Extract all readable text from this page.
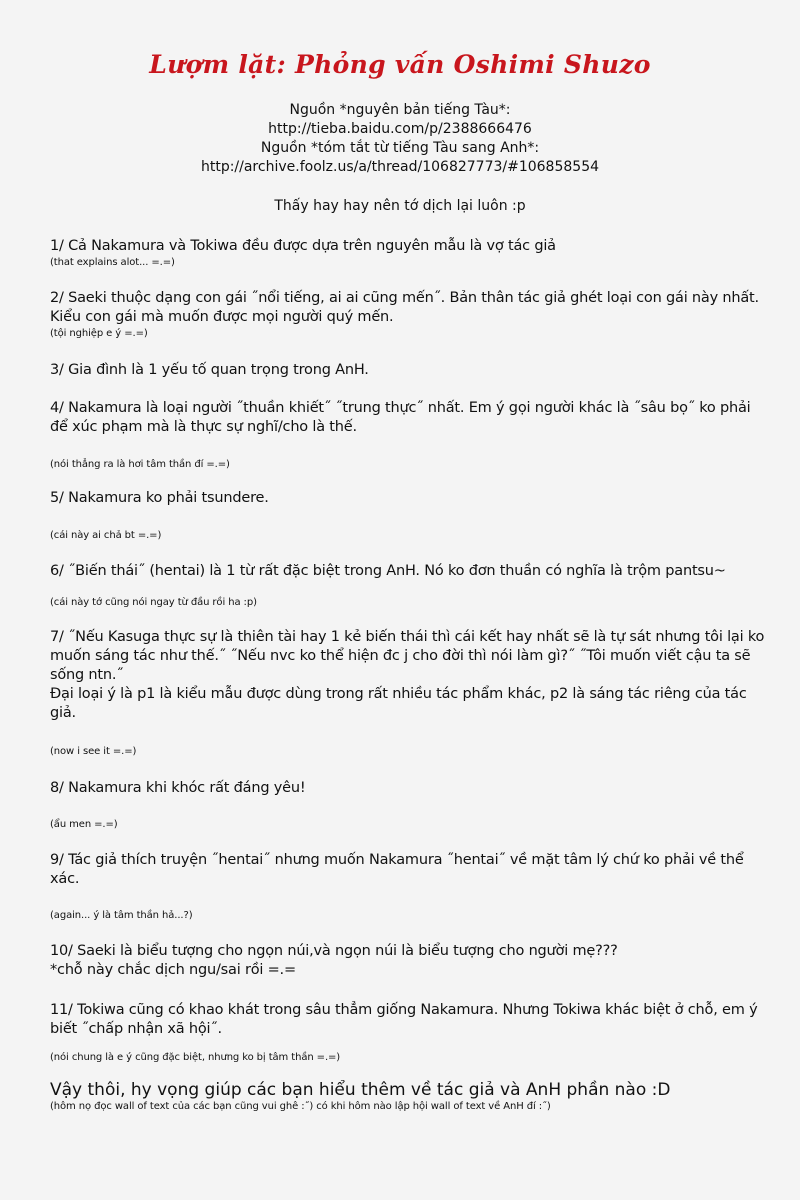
Lượm lặt: Phỏng vấn Oshimi Shuzo
Nguồn *nguyên bản tiếng Tàu*:
http://tieba.baidu.com/p/2388666476
Nguồn *tóm tắt từ tiếng Tàu sang Anh*:
http://archive.foolz.us/a/thread/106827773/#106858554
Thấy hay hay nên tớ dịch lại luôn :p
1/ Cả Nakamura và Tokiwa đều được dựa trên nguyên mẫu là vợ tác giả
(that explains alot... =.=)
2/ Saeki thuộc dạng con gái ˝nổi tiếng, ai ai cũng mến˝. Bản thân tác giả ghét loại con gái này nhất. Kiểu con gái mà muốn được mọi người quý mến.
(tội nghiệp e ý =.=)
3/ Gia đình là 1 yếu tố quan trọng trong AnH.
4/ Nakamura là loại người ˝thuần khiết˝ ˝trung thực˝ nhất. Em ý gọi người khác là ˝sâu bọ˝ ko phải để xúc phạm mà là thực sự nghĩ/cho là thế.
(nói thẳng ra là hơi tâm thần đí =.=)
5/ Nakamura ko phải tsundere.
(cái này ai chả bt =.=)
6/ ˝Biến thái˝ (hentai) là 1 từ rất đặc biệt trong AnH. Nó ko đơn thuần có nghĩa là trộm pantsu~
(cái này tớ cũng nói ngay từ đầu rồi ha :p)
7/ ˝Nếu Kasuga thực sự là thiên tài hay 1 kẻ biến thái thì cái kết hay nhất sẽ là tự sát nhưng tôi lại ko muốn sáng tác như thế.˝ ˝Nếu nvc ko thể hiện đc j cho đời thì nói làm gì?˝ ˝Tôi muốn viết cậu ta sẽ sống ntn.˝
Đại loại ý là p1 là kiểu mẫu được dùng trong rất nhiều tác phẩm khác, p2 là sáng tác riêng của tác giả.
(now i see it =.=)
8/ Nakamura khi khóc rất đáng yêu!
(ẩu men =.=)
9/ Tác giả thích truyện ˝hentai˝ nhưng muốn Nakamura ˝hentai˝ về mặt tâm lý chứ ko phải về thể xác.
(again... ý là tâm thần hả...?)
10/ Saeki là biểu tượng cho ngọn núi,và ngọn núi là biểu tượng cho người mẹ???
*chỗ này chắc dịch ngu/sai rồi =.=
11/ Tokiwa cũng có khao khát trong sâu thẳm giống Nakamura. Nhưng Tokiwa khác biệt ở chỗ, em ý biết ˝chấp nhận xã hội˝.
(nói chung là e ý cũng đặc biệt, nhưng ko bị tâm thần =.=)
Vậy thôi, hy vọng giúp các bạn hiểu thêm về tác giả và AnH phần nào :D
(hôm nọ đọc wall of text của các bạn cũng vui ghê :˝) có khi hôm nào lập hội wall of text về AnH đí :˝)
